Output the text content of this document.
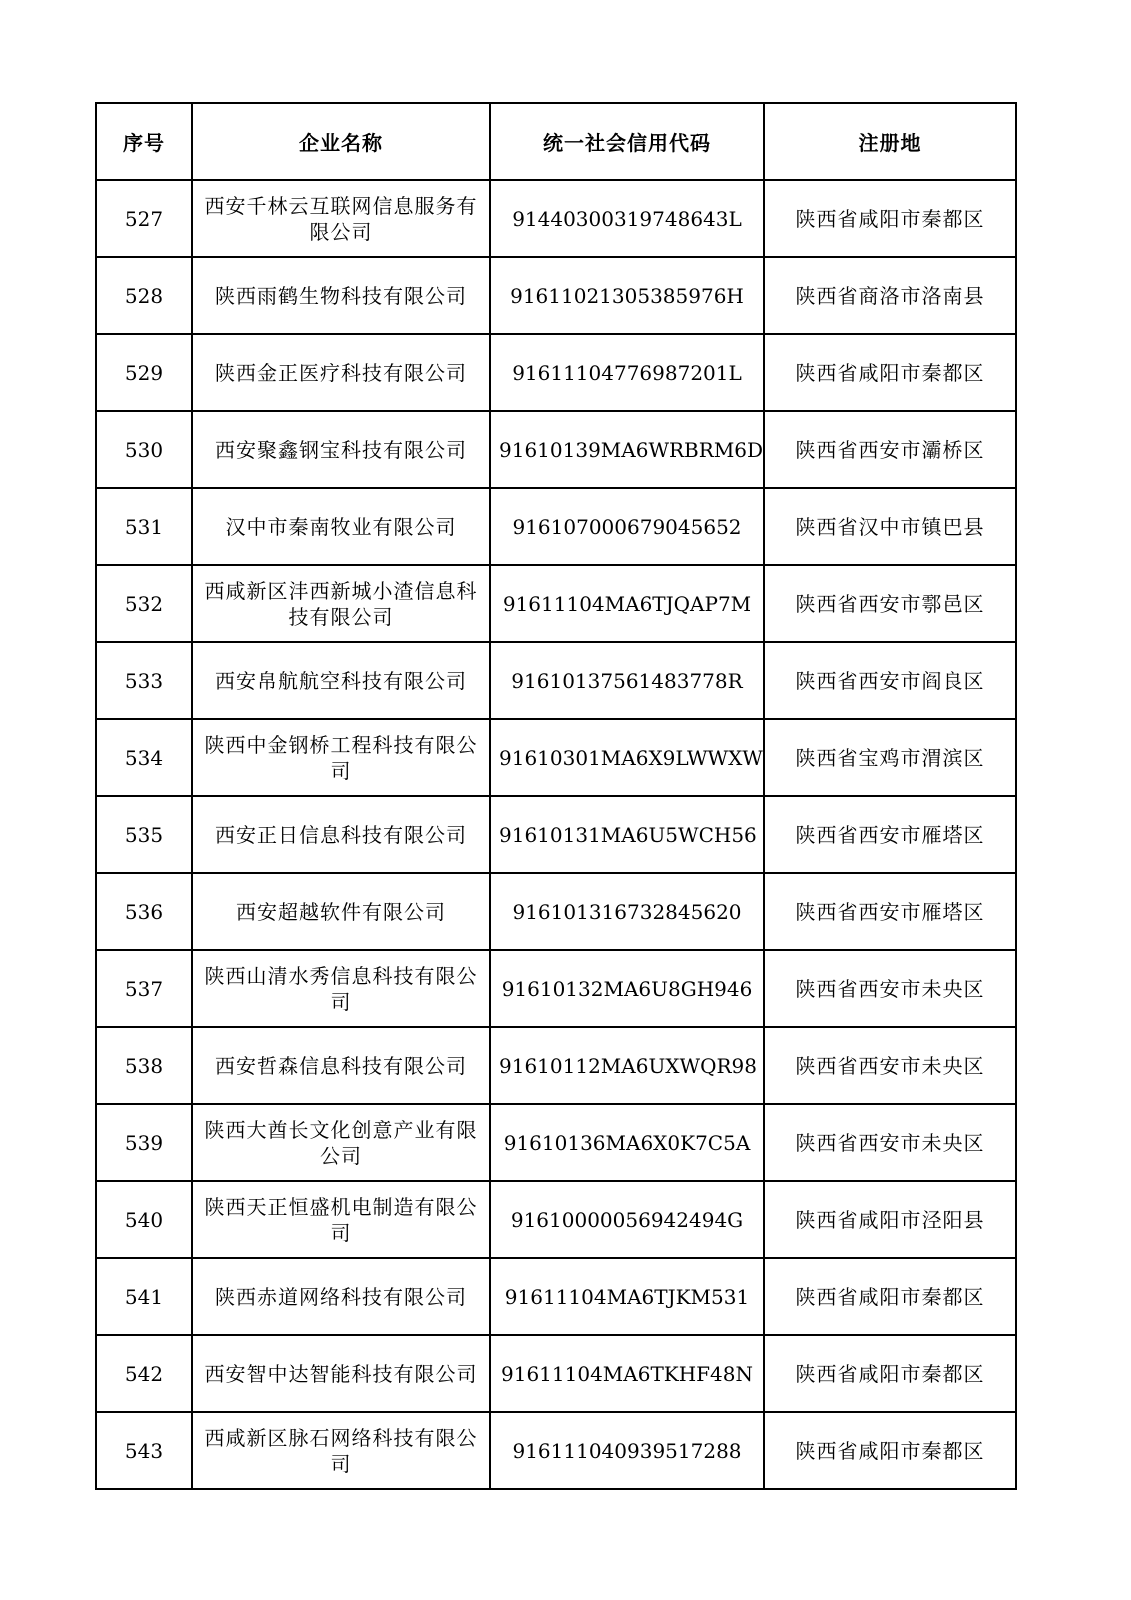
序号	企业名称	统一社会信用代码	注册地
527	西安千林云互联网信息服务有限公司	91440300319748643L	陕西省咸阳市秦都区
528	陕西雨鹤生物科技有限公司	91611021305385976H	陕西省商洛市洛南县
529	陕西金正医疗科技有限公司	91611104776987201L	陕西省咸阳市秦都区
530	西安聚鑫钢宝科技有限公司	91610139MA6WRBRM6D	陕西省西安市灞桥区
531	汉中市秦南牧业有限公司	916107000679045652	陕西省汉中市镇巴县
532	西咸新区沣西新城小渣信息科技有限公司	91611104MA6TJQAP7M	陕西省西安市鄠邑区
533	西安帛航航空科技有限公司	91610137561483778R	陕西省西安市阎良区
534	陕西中金钢桥工程科技有限公司	91610301MA6X9LWWXW	陕西省宝鸡市渭滨区
535	西安正日信息科技有限公司	91610131MA6U5WCH56	陕西省西安市雁塔区
536	西安超越软件有限公司	916101316732845620	陕西省西安市雁塔区
537	陕西山清水秀信息科技有限公司	91610132MA6U8GH946	陕西省西安市未央区
538	西安哲森信息科技有限公司	91610112MA6UXWQR98	陕西省西安市未央区
539	陕西大酋长文化创意产业有限公司	91610136MA6X0K7C5A	陕西省西安市未央区
540	陕西天正恒盛机电制造有限公司	91610000056942494G	陕西省咸阳市泾阳县
541	陕西赤道网络科技有限公司	91611104MA6TJKM531	陕西省咸阳市秦都区
542	西安智中达智能科技有限公司	91611104MA6TKHF48N	陕西省咸阳市秦都区
543	西咸新区脉石网络科技有限公司	916111040939517288	陕西省咸阳市秦都区
